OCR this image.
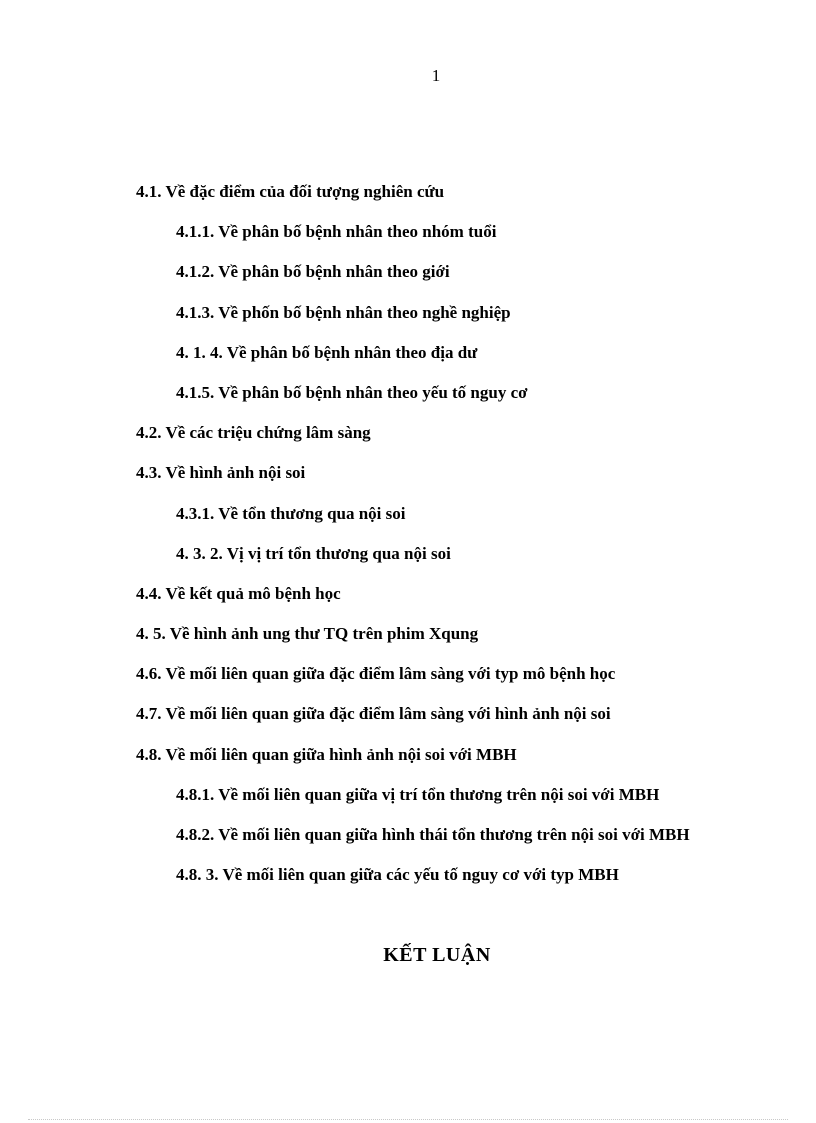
1
4.1. Về đặc điểm của đối tượng nghiên cứu
4.1.1. Về phân bố bệnh nhân theo nhóm tuổi
4.1.2. Về phân bố bệnh nhân theo giới
4.1.3. Về phốn bố bệnh nhân theo nghề nghiệp
4. 1. 4. Về phân bố bệnh nhân theo địa dư
4.1.5. Về phân bố bệnh nhân theo yếu tố nguy cơ
4.2. Về các triệu chứng lâm sàng
4.3. Về hình ảnh nội soi
4.3.1. Về tổn thương qua nội soi
4. 3. 2. Vị vị trí tổn thương qua nội soi
4.4. Về kết quả mô bệnh học
4. 5. Về hình ảnh ung thư TQ trên phim Xqung
4.6. Về mối liên quan giữa đặc điểm lâm sàng với typ mô bệnh học
4.7. Về mối liên quan giữa đặc điểm lâm sàng với hình ảnh nội soi
4.8. Về mối liên quan giữa hình ảnh nội soi với MBH
4.8.1. Về mối liên quan giữa vị trí tổn thương trên nội soi với MBH
4.8.2. Về mối liên quan giữa hình thái tổn thương trên nội soi với MBH
4.8. 3. Về mối liên quan giữa các yếu tố nguy cơ với typ MBH
KẾT LUẬN
